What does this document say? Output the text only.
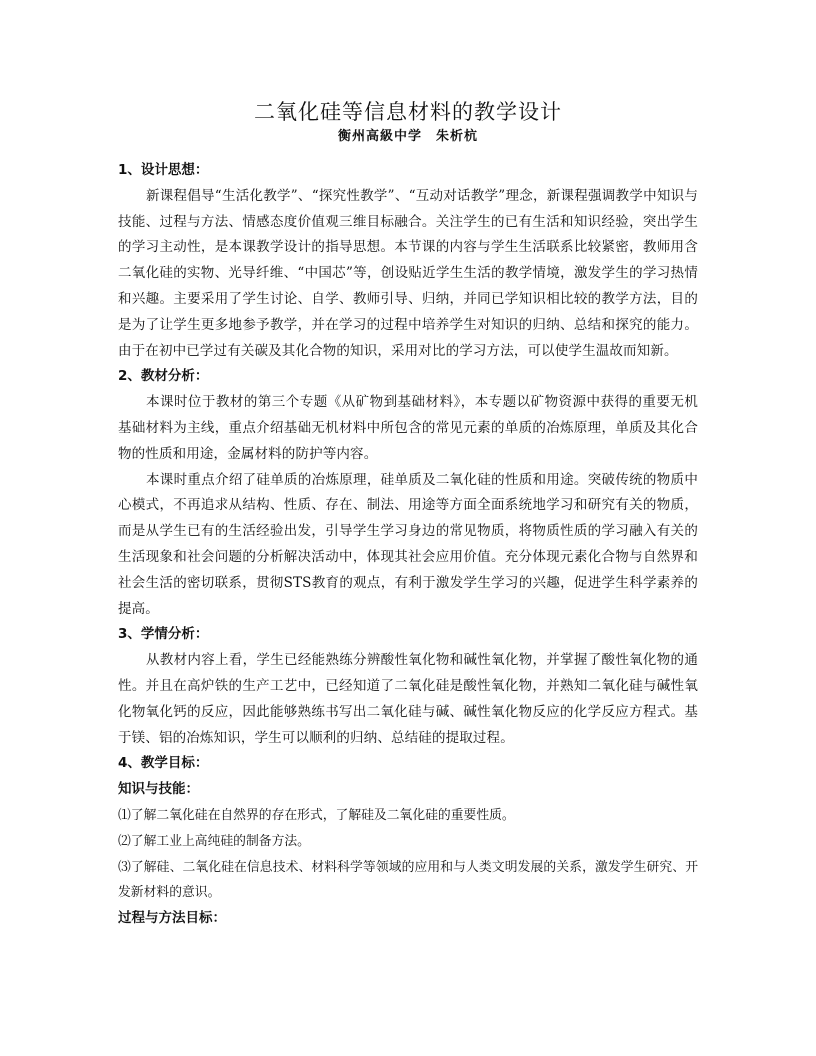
二氧化硅等信息材料的教学设计
衡州高級中学　朱析杭
1、设计思想：

新课程倡导“生活化教学”、“探究性教学”、“互动对话教学”理念，新课程强调教学中知识与技能、过程与方法、情感态度价值观三维目标融合。关注学生的已有生活和知识经验，突出学生的学习主动性，是本课教学设计的指导思想。本节课的内容与学生生活联系比较紧密，教师用含二氧化硅的实物、光导纤维、“中国芯”等，创设贴近学生生活的教学情境，激发学生的学习热情和兴趣。主要采用了学生讨论、自学、教师引导、归纳，并同已学知识相比较的教学方法，目的是为了让学生更多地参予教学，并在学习的过程中培养学生对知识的归纳、总结和探究的能力。由于在初中已学过有关碳及其化合物的知识，采用对比的学习方法，可以使学生温故而知新。

2、教材分析：

本课时位于教材的第三个专题《从矿物到基础材料》，本专题以矿物资源中获得的重要无机基础材料为主线，重点介绍基础无机材料中所包含的常见元素的单质的冶炼原理，单质及其化合物的性质和用途，金属材料的防护等内容。

本课时重点介绍了硅单质的冶炼原理，硅单质及二氧化硅的性质和用途。突破传统的物质中心模式，不再追求从结构、性质、存在、制法、用途等方面全面系统地学习和研究有关的物质，而是从学生已有的生活经验出发，引导学生学习身边的常见物质，将物质性质的学习融入有关的生活现象和社会问题的分析解决活动中，体现其社会应用价值。充分体现元素化合物与自然界和社会生活的密切联系，贯彻STS教育的观点，有利于激发学生学习的兴趣，促进学生科学素养的提高。

3、学情分析：

从教材内容上看，学生已经能熟练分辨酸性氧化物和碱性氧化物，并掌握了酸性氧化物的通性。并且在高炉铁的生产工艺中，已经知道了二氧化硅是酸性氧化物，并熟知二氧化硅与碱性氧化物氧化钙的反应，因此能够熟练书写出二氧化硅与碱、碱性氧化物反应的化学反应方程式。基于镁、铝的冶炼知识，学生可以顺利的归纳、总结硅的提取过程。

4、教学目标：
知识与技能：
⑴了解二氧化硅在自然界的存在形式，了解硅及二氧化硅的重要性质。
⑵了解工业上高纯硅的制备方法。
⑶了解硅、二氧化硅在信息技术、材料科学等领域的应用和与人类文明发展的关系，激发学生研究、开发新材料的意识。
过程与方法目标：
